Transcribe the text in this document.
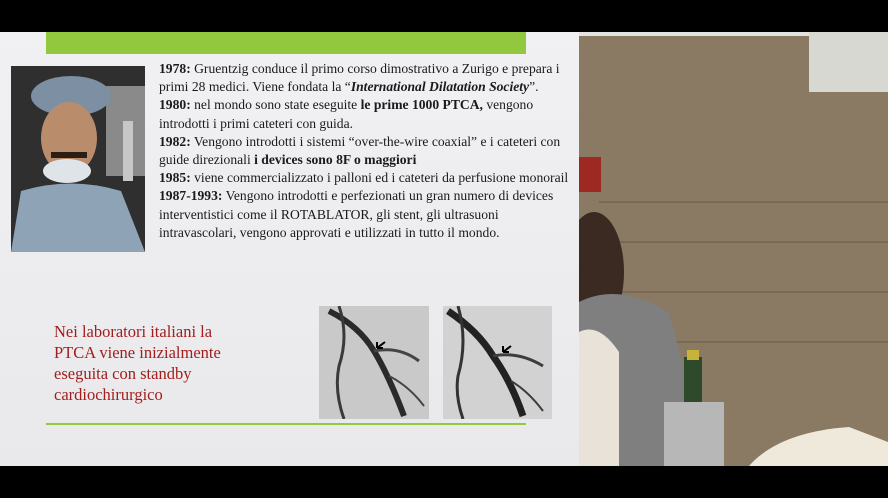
1978: Gruentzig conduce il primo corso dimostrativo a Zurigo e prepara i primi 28 medici. Viene fondata la “International Dilatation Society”.

1980: nel mondo sono state eseguite le prime 1000 PTCA, vengono introdotti i primi cateteri con guida.

1982: Vengono introdotti i sistemi “over-the-wire coaxial” e i cateteri con guide direzionali i devices sono 8F o maggiori

1985: viene commercializzato i palloni ed i cateteri da perfusione monorail

1987-1993: Vengono introdotti e perfezionati un gran numero di devices interventistici come il ROTABLATOR, gli stent, gli ultrasuoni intravascolari, vengono approvati e utilizzati in tutto il mondo.

Nei laboratori italiani la
PTCA viene inizialmente
eseguita con standby
cardiochirurgico
